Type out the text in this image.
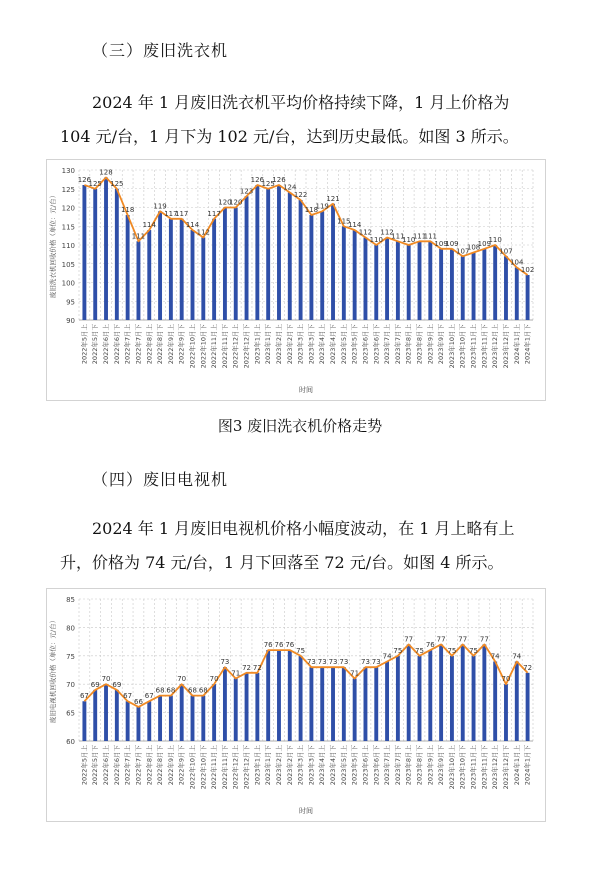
（三）废旧洗衣机

2024 年 1 月废旧洗衣机平均价格持续下降，1 月上价格为 104 元/台，1 月下为 102 元/台，达到历史最低。如图 3 所示。

90
95
100
105
110
115
120
125
130
126
125
128
125
118
111
114
119
117
117
114
112
117
120
120
123
126
125
126
124
122
118
119
121
115
114
112
110
112
111
110
111
111
109
109
107
108
109
110
107
104
102
2022年5月上 2022年5月下 2022年6月上 2022年6月下 2022年7月上 2022年7月下 2022年8月上 2022年8月下 2022年9月上 2022年9月下 2022年10月上 2022年10月下 2022年11月上 2022年11月下 2022年12月上 2022年12月下 2023年1月上 2023年1月下 2023年2月上 2023年2月下 2023年3月上 2023年3月下 2023年4月上 2023年4月下 2023年5月上 2023年5月下 2023年6月上 2023年6月下 2023年7月上 2023年7月下 2023年8月上 2023年8月下 2023年9月上 2023年9月下 2023年10月上 2023年10月下 2023年11月上 2023年11月下 2023年12月上 2023年12月下 2024年1月上 2024年1月下
时间
废旧洗衣机回收价格（单位：元/台）
图3 废旧洗衣机价格走势
（四）废旧电视机

2024 年 1 月废旧电视机价格小幅度波动，在 1 月上略有上升，价格为 74 元/台，1 月下回落至 72 元/台。如图 4 所示。

60
65
70
75
80
85
67
69
70
69
67
66
67
68 68
70
68 68
70
73
71
72 72
76 76 76
75
73 73 73 73
71
73 73
74
75
77
75
76
77
75
77
75
77
74
70
74
72
2022年5月上 2022年5月下 2022年6月上 2022年6月下 2022年7月上 2022年7月下 2022年8月上 2022年8月下 2022年9月上 2022年9月下 2022年10月上 2022年10月下 2022年11月上 2022年11月下 2022年12月上 2022年12月下 2023年1月上 2023年1月下 2023年2月上 2023年2月下 2023年3月上 2023年3月下 2023年4月上 2023年4月下 2023年5月上 2023年5月下 2023年6月上 2023年6月下 2023年7月上 2023年7月下 2023年8月上 2023年8月下 2023年9月上 2023年9月下 2023年10月上 2023年10月下 2023年11月上 2023年11月下 2023年12月上 2023年12月下 2024年1月上 2024年1月下
时间
废旧电视机回收价格（单位：元/台）
